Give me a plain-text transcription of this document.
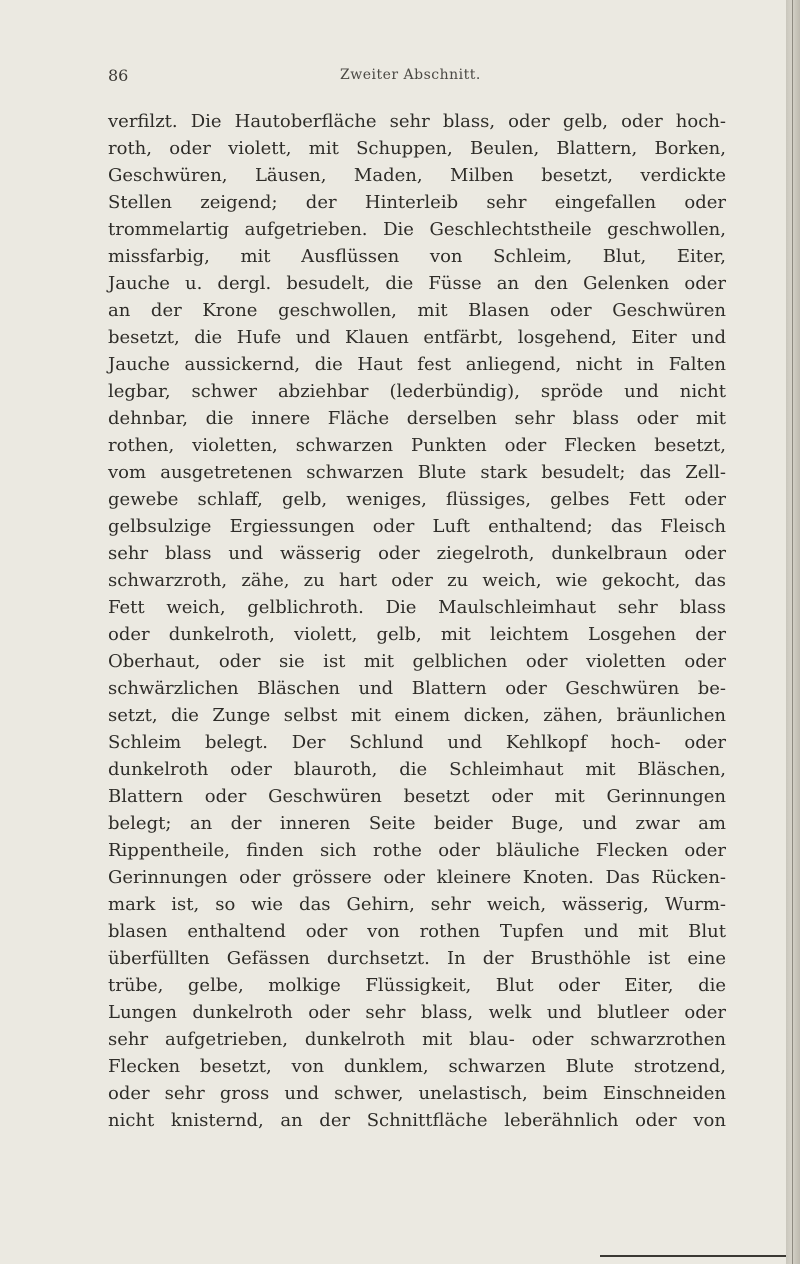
86	Zweiter Abschnitt.
verfilzt. Die Hautoberfläche sehr blass, oder gelb, oder hoch-
roth, oder violett, mit Schuppen, Beulen, Blattern, Borken,
Geschwüren, Läusen, Maden, Milben besetzt, verdickte
Stellen zeigend; der Hinterleib sehr eingefallen oder
trommelartig aufgetrieben. Die Geschlechtstheile geschwollen,
missfarbig, mit Ausflüssen von Schleim, Blut, Eiter,
Jauche u. dergl. besudelt, die Füsse an den Gelenken oder
an der Krone geschwollen, mit Blasen oder Geschwüren
besetzt, die Hufe und Klauen entfärbt, losgehend, Eiter und
Jauche aussickernd, die Haut fest anliegend, nicht in Falten
legbar, schwer abziehbar (lederbündig), spröde und nicht
dehnbar, die innere Fläche derselben sehr blass oder mit
rothen, violetten, schwarzen Punkten oder Flecken besetzt,
vom ausgetretenen schwarzen Blute stark besudelt; das Zell-
gewebe schlaff, gelb, weniges, flüssiges, gelbes Fett oder
gelbsulzige Ergiessungen oder Luft enthaltend; das Fleisch
sehr blass und wässerig oder ziegelroth, dunkelbraun oder
schwarzroth, zähe, zu hart oder zu weich, wie gekocht, das
Fett weich, gelblichroth. Die Maulschleimhaut sehr blass
oder dunkelroth, violett, gelb, mit leichtem Losgehen der
Oberhaut, oder sie ist mit gelblichen oder violetten oder
schwärzlichen Bläschen und Blattern oder Geschwüren be-
setzt, die Zunge selbst mit einem dicken, zähen, bräunlichen
Schleim belegt. Der Schlund und Kehlkopf hoch- oder
dunkelroth oder blauroth, die Schleimhaut mit Bläschen,
Blattern oder Geschwüren besetzt oder mit Gerinnungen
belegt; an der inneren Seite beider Buge, und zwar am
Rippentheile, finden sich rothe oder bläuliche Flecken oder
Gerinnungen oder grössere oder kleinere Knoten. Das Rücken-
mark ist, so wie das Gehirn, sehr weich, wässerig, Wurm-
blasen enthaltend oder von rothen Tupfen und mit Blut
überfüllten Gefässen durchsetzt. In der Brusthöhle ist eine
trübe, gelbe, molkige Flüssigkeit, Blut oder Eiter, die
Lungen dunkelroth oder sehr blass, welk und blutleer oder
sehr aufgetrieben, dunkelroth mit blau- oder schwarzrothen
Flecken besetzt, von dunklem, schwarzen Blute strotzend,
oder sehr gross und schwer, unelastisch, beim Einschneiden
nicht knisternd, an der Schnittfläche leberähnlich oder von
